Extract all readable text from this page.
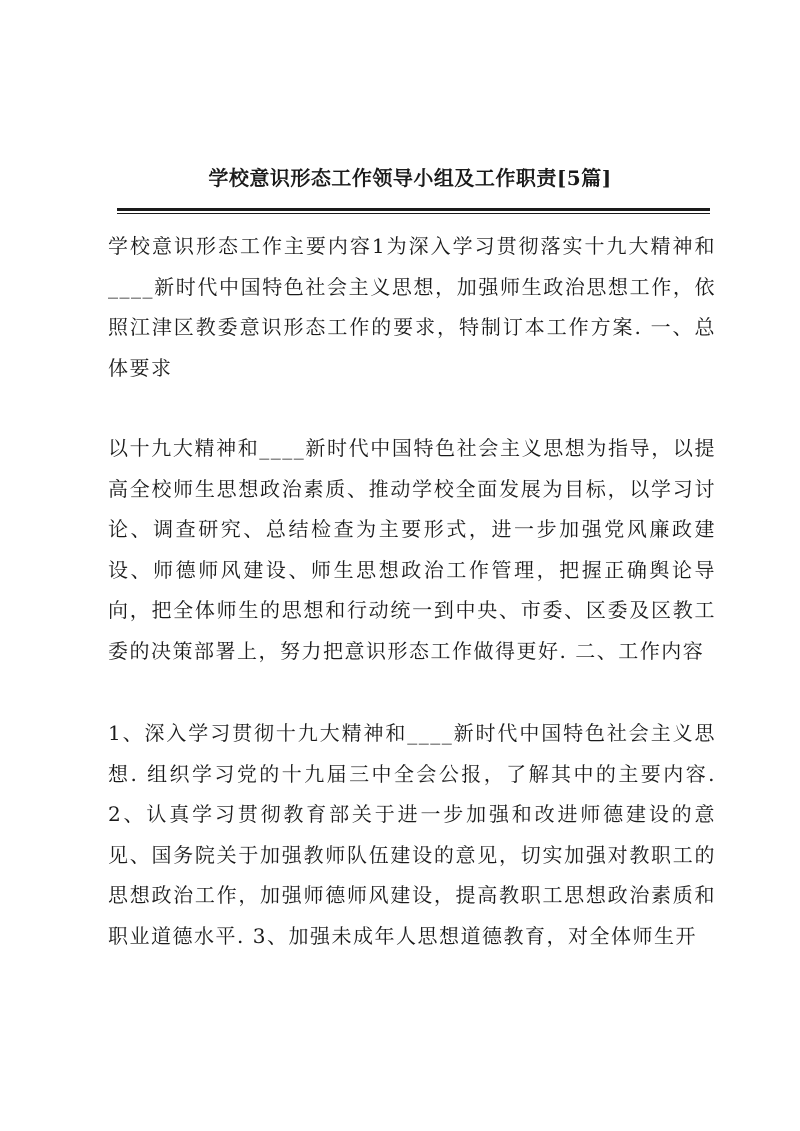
学校意识形态工作领导小组及工作职责[5篇]

学校意识形态工作主要内容1为深入学习贯彻落实十九大精神和____新时代中国特色社会主义思想，加强师生政治思想工作，依照江津区教委意识形态工作的要求，特制订本工作方案. 一、总体要求

以十九大精神和____新时代中国特色社会主义思想为指导，以提高全校师生思想政治素质、推动学校全面发展为目标，以学习讨论、调查研究、总结检查为主要形式，进一步加强党风廉政建设、师德师风建设、师生思想政治工作管理，把握正确舆论导向，把全体师生的思想和行动统一到中央、市委、区委及区教工委的决策部署上，努力把意识形态工作做得更好. 二、工作内容

1、深入学习贯彻十九大精神和____新时代中国特色社会主义思想. 组织学习党的十九届三中全会公报，了解其中的主要内容. 2、认真学习贯彻教育部关于进一步加强和改进师德建设的意见、国务院关于加强教师队伍建设的意见，切实加强对教职工的思想政治工作，加强师德师风建设，提高教职工思想政治素质和职业道德水平. 3、加强未成年人思想道德教育，对全体师生开
